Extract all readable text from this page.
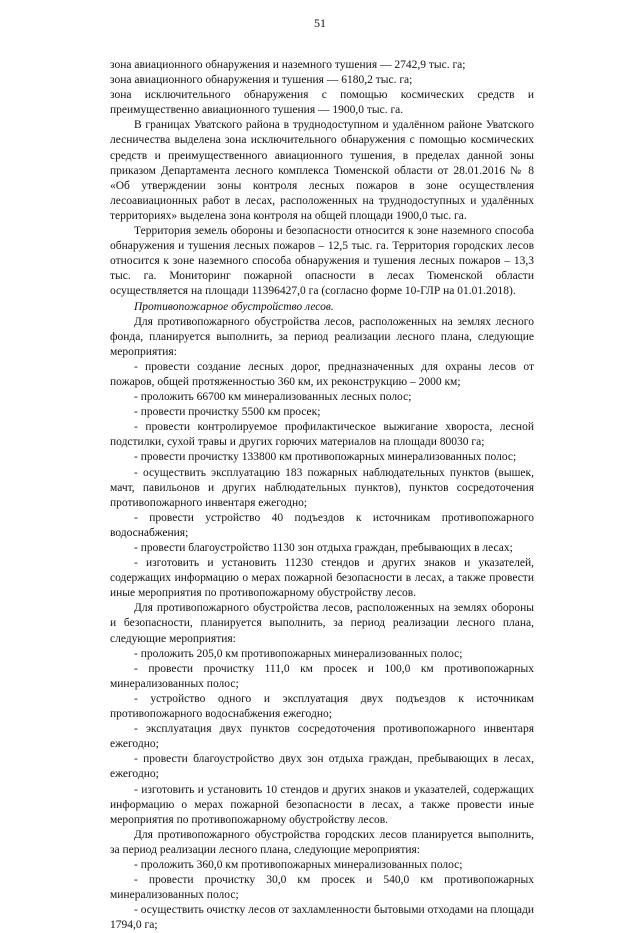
51

зона авиационного обнаружения и наземного тушения — 2742,9 тыс. га;

зона авиационного обнаружения и тушения — 6180,2 тыс. га;

зона исключительного обнаружения с помощью космических средств и преимущественно авиационного тушения — 1900,0 тыс. га.

В границах Уватского района в труднодоступном и удалённом районе Уватского лесничества выделена зона исключительного обнаружения с помощью космических средств и преимущественного авиационного тушения, в пределах данной зоны приказом Департамента лесного комплекса Тюменской области от 28.01.2016 № 8 «Об утверждении зоны контроля лесных пожаров в зоне осуществления лесоавиационных работ в лесах, расположенных на труднодоступных и удалённых территориях» выделена зона контроля на общей площади 1900,0 тыс. га.

Территория земель обороны и безопасности относится к зоне наземного способа обнаружения и тушения лесных пожаров – 12,5 тыс. га. Территория городских лесов относится к зоне наземного способа обнаружения и тушения лесных пожаров – 13,3 тыс. га. Мониторинг пожарной опасности в лесах Тюменской области осуществляется на площади 11396427,0 га (согласно форме 10-ГЛР на 01.01.2018).

Противопожарное обустройство лесов.

Для противопожарного обустройства лесов, расположенных на землях лесного фонда, планируется выполнить, за период реализации лесного плана, следующие мероприятия:

- провести создание лесных дорог, предназначенных для охраны лесов от пожаров, общей протяженностью 360 км, их реконструкцию – 2000 км;

- проложить 66700 км минерализованных лесных полос;

- провести прочистку 5500 км просек;

- провести контролируемое профилактическое выжигание хвороста, лесной подстилки, сухой травы и других горючих материалов на площади 80030 га;

- провести прочистку 133800 км противопожарных минерализованных полос;

- осуществить эксплуатацию 183 пожарных наблюдательных пунктов (вышек, мачт, павильонов и других наблюдательных пунктов), пунктов сосредоточения противопожарного инвентаря ежегодно;

- провести устройство 40 подъездов к источникам противопожарного водоснабжения;

- провести благоустройство 1130 зон отдыха граждан, пребывающих в лесах;

- изготовить и установить 11230 стендов и других знаков и указателей, содержащих информацию о мерах пожарной безопасности в лесах, а также провести иные мероприятия по противопожарному обустройству лесов.

Для противопожарного обустройства лесов, расположенных на землях обороны и безопасности, планируется выполнить, за период реализации лесного плана, следующие мероприятия:

- проложить 205,0 км противопожарных минерализованных полос;

- провести прочистку 111,0 км просек и 100,0 км противопожарных минерализованных полос;

- устройство одного и эксплуатация двух подъездов к источникам противопожарного водоснабжения ежегодно;

- эксплуатация двух пунктов сосредоточения противопожарного инвентаря ежегодно;

- провести благоустройство двух зон отдыха граждан, пребывающих в лесах, ежегодно;

- изготовить и установить 10 стендов и других знаков и указателей, содержащих информацию о мерах пожарной безопасности в лесах, а также провести иные мероприятия по противопожарному обустройству лесов.

Для противопожарного обустройства городских лесов планируется выполнить, за период реализации лесного плана, следующие мероприятия:

- проложить 360,0 км противопожарных минерализованных полос;

- провести прочистку 30,0 км просек и 540,0 км противопожарных минерализованных полос;

- осуществить очистку лесов от захламленности бытовыми отходами на площади 1794,0 га;
